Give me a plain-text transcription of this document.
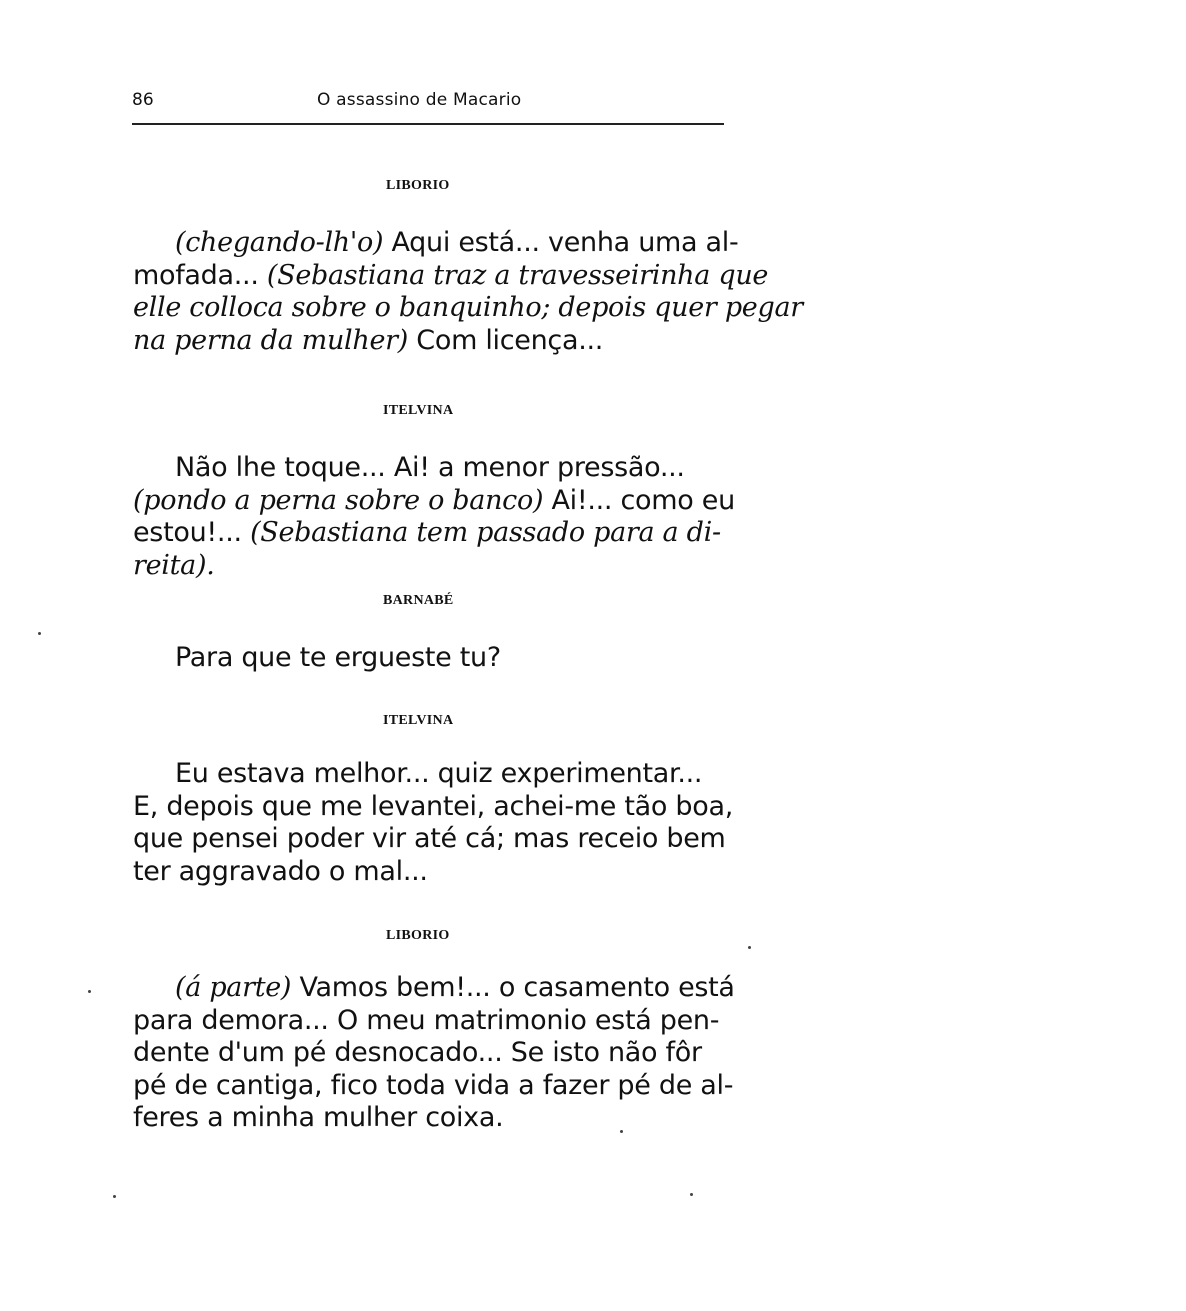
86	O assassino de Macario
LIBORIO
(chegando-lh'o) Aqui está... venha uma al-
mofada... (Sebastiana traz a travesseirinha que
elle colloca sobre o banquinho; depois quer pegar
na perna da mulher) Com licença...
ITELVINA
Não lhe toque... Ai! a menor pressão...
(pondo a perna sobre o banco) Ai!... como eu
estou!... (Sebastiana tem passado para a di-
reita).
BARNABÉ
Para que te ergueste tu?
ITELVINA
Eu estava melhor... quiz experimentar...
E, depois que me levantei, achei-me tão boa,
que pensei poder vir até cá; mas receio bem
ter aggravado o mal...
LIBORIO
(á parte) Vamos bem!... o casamento está
para demora... O meu matrimonio está pen-
dente d'um pé desnocado... Se isto não fôr
pé de cantiga, fico toda vida a fazer pé de al-
feres a minha mulher coixa.
